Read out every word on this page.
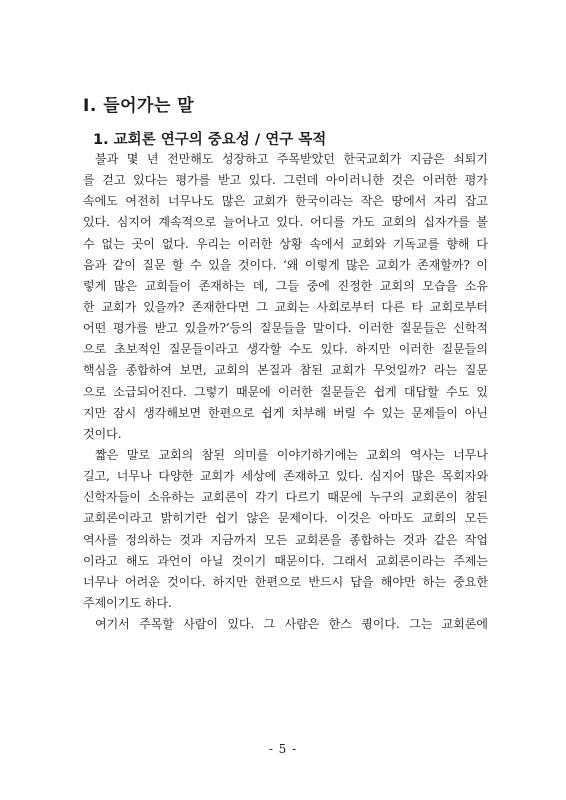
Ⅰ. 들어가는 말
1. 교회론 연구의 중요성 / 연구 목적
불과 몇 년 전만해도 성장하고 주목받았던 한국교회가 지금은 쇠퇴기
를 걷고 있다는 평가를 받고 있다. 그런데 아이러니한 것은 이러한 평가
속에도 여전히 너무나도 많은 교회가 한국이라는 작은 땅에서 자리 잡고
있다. 심지어 계속적으로 늘어나고 있다. 어디를 가도 교회의 십자가를 볼
수 없는 곳이 없다. 우리는 이러한 상황 속에서 교회와 기독교를 향해 다
음과 같이 질문 할 수 있을 것이다. ‘왜 이렇게 많은 교회가 존재할까? 이
렇게 많은 교회들이 존재하는 데, 그들 중에 진정한 교회의 모습을 소유
한 교회가 있을까? 존재한다면 그 교회는 사회로부터 다른 타 교회로부터
어떤 평가를 받고 있을까?’등의 질문들을 말이다. 이러한 질문들은 신학적
으로 초보적인 질문들이라고 생각할 수도 있다. 하지만 이러한 질문들의
핵심을 종합하여 보면, 교회의 본질과 참된 교회가 무엇일까? 라는 질문
으로 소급되어진다. 그렇기 때문에 이러한 질문들은 쉽게 대답할 수도 있
지만 잠시 생각해보면 한편으로 쉽게 치부해 버릴 수 있는 문제들이 아닌
것이다.
짧은 말로 교회의 참된 의미를 이야기하기에는 교회의 역사는 너무나
길고, 너무나 다양한 교회가 세상에 존재하고 있다. 심지어 많은 목회자와
신학자들이 소유하는 교회론이 각기 다르기 때문에 누구의 교회론이 참된
교회론이라고 밝히기란 쉽기 않은 문제이다. 이것은 아마도 교회의 모든
역사를 정의하는 것과 지금까지 모든 교회론을 종합하는 것과 같은 작업
이라고 해도 과언이 아닐 것이기 때문이다. 그래서 교회론이라는 주제는
너무나 어려운 것이다. 하지만 한편으로 반드시 답을 해야만 하는 중요한
주제이기도 하다.
여기서 주목할 사람이 있다. 그 사람은 한스 큉이다. 그는 교회론에
- 5 -
